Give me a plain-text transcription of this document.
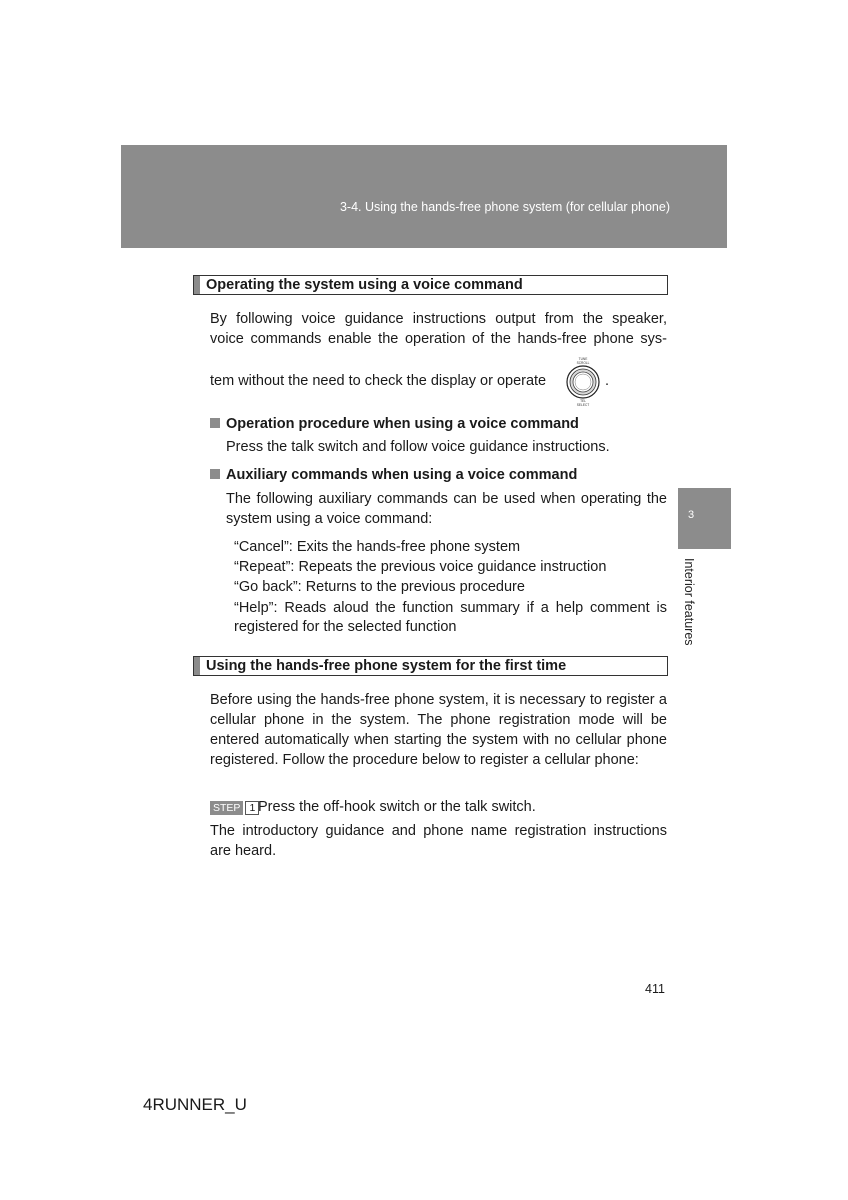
3-4. Using the hands-free phone system (for cellular phone)
3
Interior features
Operating the system using a voice command
By following voice guidance instructions output from the speaker,
voice commands enable the operation of the hands-free phone sys-
tem without the need to check the display or operate
TUNE
SCROLL
TEL
SELECT
.
Operation procedure when using a voice command
Press the talk switch and follow voice guidance instructions.
Auxiliary commands when using a voice command
The following auxiliary commands can be used when operating the
system using a voice command:
“Cancel”: Exits the hands-free phone system
“Repeat”: Repeats the previous voice guidance instruction
“Go back”: Returns to the previous procedure
“Help”: Reads aloud the function summary if a help comment is
registered for the selected function
Using the hands-free phone system for the first time
Before using the hands-free phone system, it is necessary to register a cellular phone in the system. The phone registration mode will be entered automatically when starting the system with no cellular phone registered. Follow the procedure below to register a cellular phone:
STEP 1 Press the off-hook switch or the talk switch.
The introductory guidance and phone name registration instructions are heard.
411
4RUNNER_U
